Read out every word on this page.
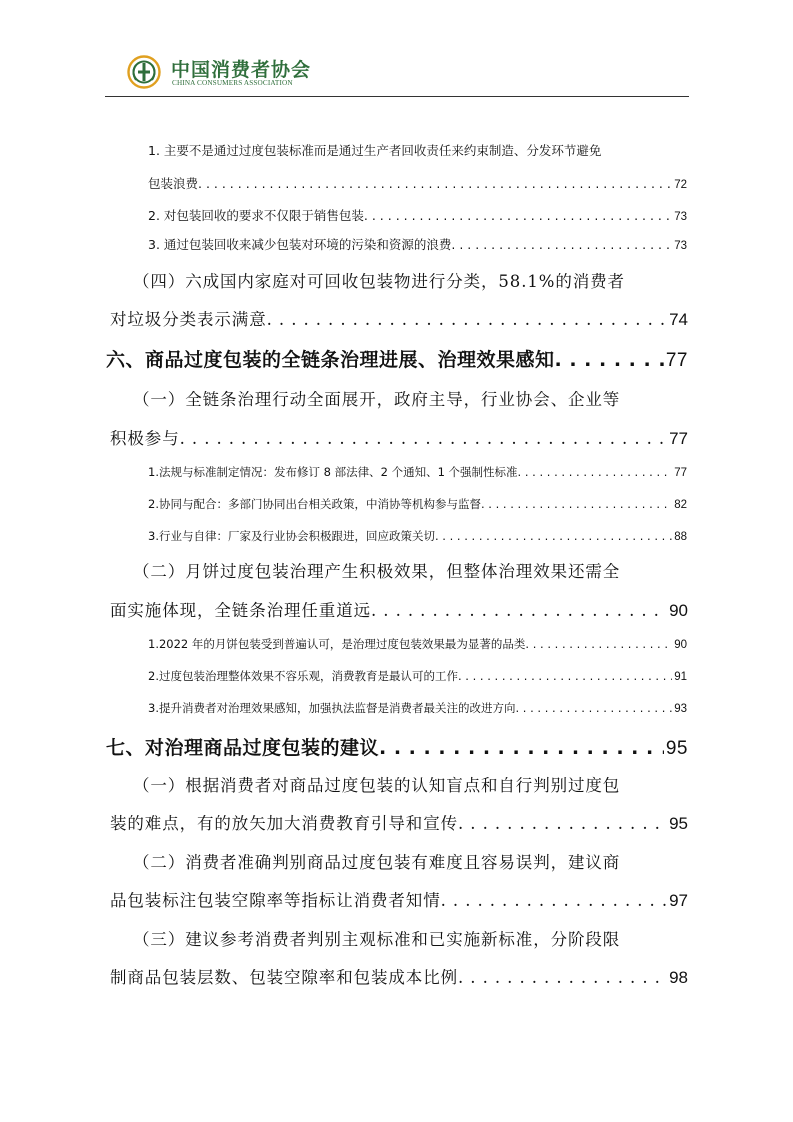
中国消费者协会
CHINA CONSUMERS ASSOCIATION
1. 主要不是通过过度包装标准而是通过生产者回收责任来约束制造、分发环节避免
包装浪费 . . .	72
2. 对包装回收的要求不仅限于销售包装 . . .	73
3. 通过包装回收来减少包装对环境的污染和资源的浪费 . . .	73
（四）六成国内家庭对可回收包装物进行分类，58.1%的消费者
对垃圾分类表示满意 . . .	74
六、商品过度包装的全链条治理进展、治理效果感知 . . .	77
（一）全链条治理行动全面展开，政府主导，行业协会、企业等
积极参与 . . .	77
1.法规与标准制定情况：发布修订 8 部法律、2 个通知、1 个强制性标准 . . .	77
2.协同与配合：多部门协同出台相关政策，中消协等机构参与监督 . . .	82
3.行业与自律：厂家及行业协会积极跟进，回应政策关切 . . .	88
（二）月饼过度包装治理产生积极效果，但整体治理效果还需全
面实施体现，全链条治理任重道远 . . .	90
1.2022 年的月饼包装受到普遍认可，是治理过度包装效果最为显著的品类 . . .	90
2.过度包装治理整体效果不容乐观，消费教育是最认可的工作 . . .	91
3.提升消费者对治理效果感知，加强执法监督是消费者最关注的改进方向 . . .	93
七、对治理商品过度包装的建议 . . .	95
（一）根据消费者对商品过度包装的认知盲点和自行判别过度包
装的难点，有的放矢加大消费教育引导和宣传 . . .	95
（二）消费者准确判别商品过度包装有难度且容易误判，建议商
品包装标注包装空隙率等指标让消费者知情 . . .	97
（三）建议参考消费者判别主观标准和已实施新标准，分阶段限
制商品包装层数、包装空隙率和包装成本比例 . . .	98
